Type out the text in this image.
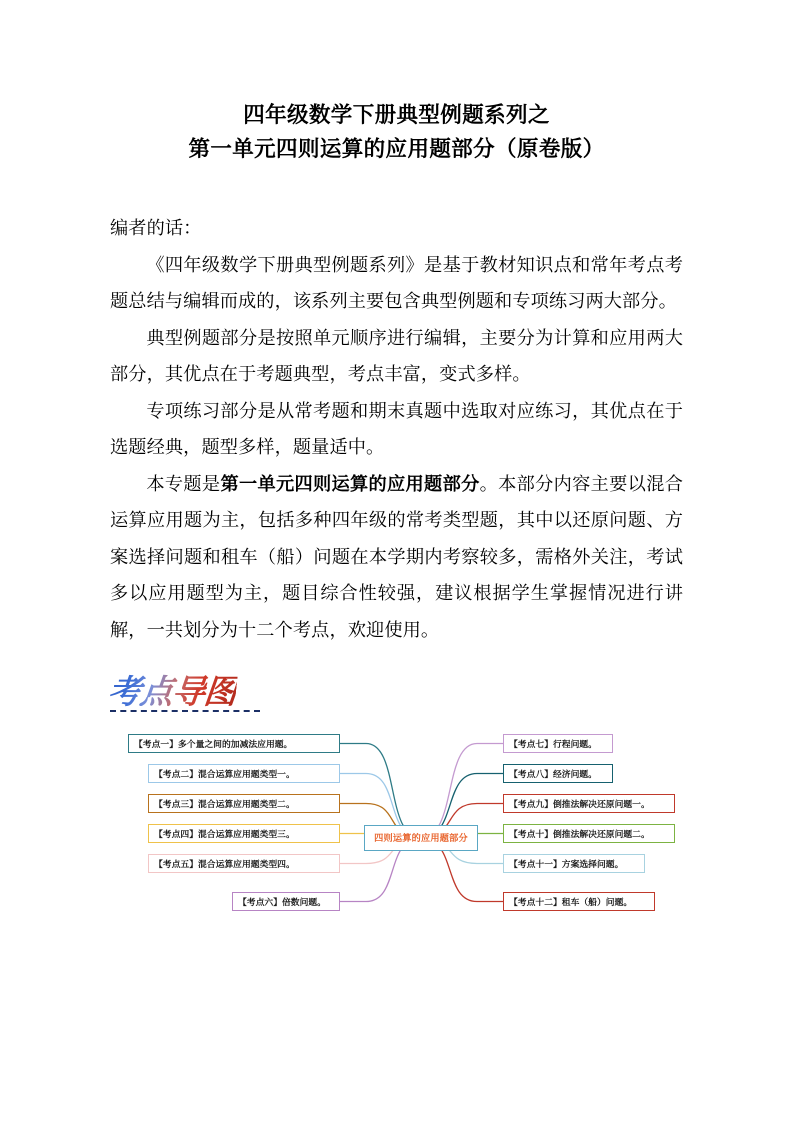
四年级数学下册典型例题系列之
第一单元四则运算的应用题部分（原卷版）

编者的话：

《四年级数学下册典型例题系列》是基于教材知识点和常年考点考题总结与编辑而成的，该系列主要包含典型例题和专项练习两大部分。

典型例题部分是按照单元顺序进行编辑，主要分为计算和应用两大部分，其优点在于考题典型，考点丰富，变式多样。

专项练习部分是从常考题和期末真题中选取对应练习，其优点在于选题经典，题型多样，题量适中。

本专题是第一单元四则运算的应用题部分。本部分内容主要以混合运算应用题为主，包括多种四年级的常考类型题，其中以还原问题、方案选择问题和租车（船）问题在本学期内考察较多，需格外关注，考试多以应用题型为主，题目综合性较强，建议根据学生掌握情况进行讲解，一共划分为十二个考点，欢迎使用。

考点导图
【考点一】多个量之间的加减法应用题。
【考点二】混合运算应用题类型一。
【考点三】混合运算应用题类型二。
【考点四】混合运算应用题类型三。
【考点五】混合运算应用题类型四。
【考点六】倍数问题。
【考点七】行程问题。
【考点八】经济问题。
【考点九】倒推法解决还原问题一。
【考点十】倒推法解决还原问题二。
【考点十一】方案选择问题。
【考点十二】租车（船）问题。
四则运算的应用题部分
